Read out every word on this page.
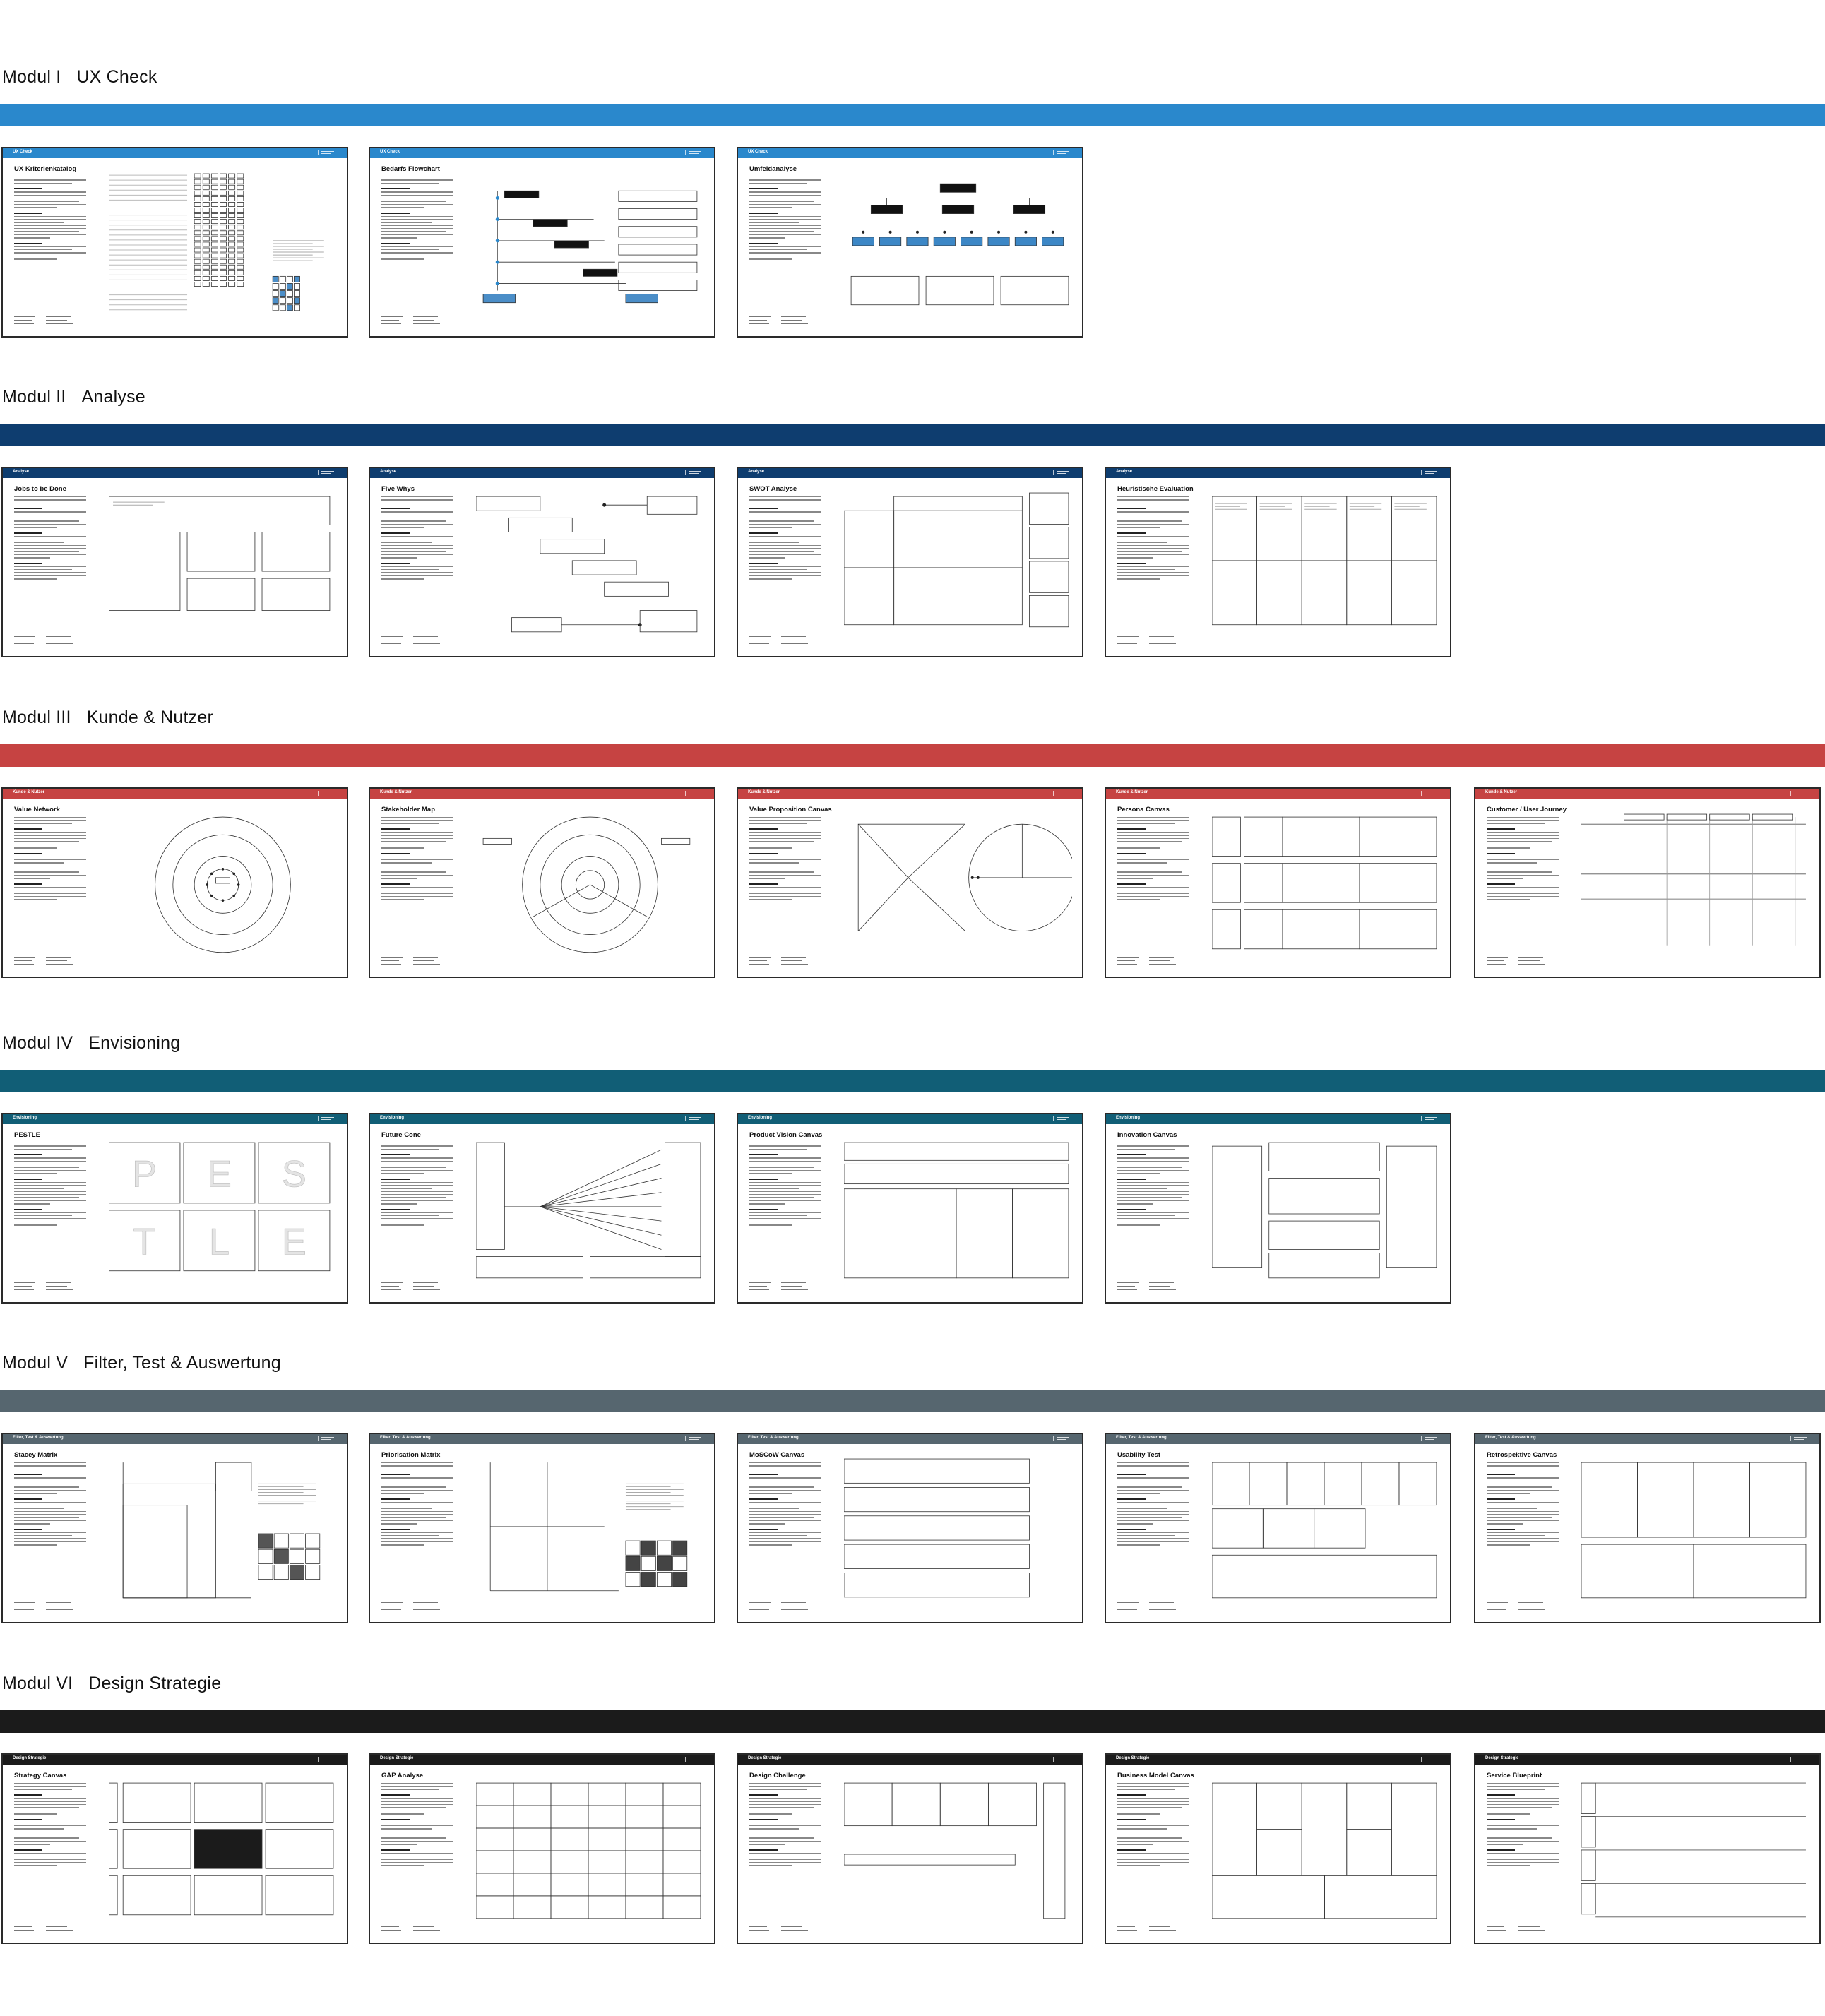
Modul I UX Check
UX Check
UX Kriterienkatalog
UX Check
Bedarfs Flowchart
UX Check
Umfeldanalyse
Modul II Analyse
Analyse
Jobs to be Done
Analyse
Five Whys
Analyse
SWOT Analyse
Analyse
Heuristische Evaluation
Modul III Kunde & Nutzer
Kunde & Nutzer
Value Network
Kunde & Nutzer
Stakeholder Map
Kunde & Nutzer
Value Proposition Canvas
Kunde & Nutzer
Persona Canvas
Kunde & Nutzer
Customer / User Journey
Modul IV Envisioning
Envisioning
PESTLE
P E S
T L E
Envisioning
Future Cone
Envisioning
Product Vision Canvas
Envisioning
Innovation Canvas
Modul V Filter, Test & Auswertung
Filter, Test & Auswertung
Stacey Matrix
Filter, Test & Auswertung
Priorisation Matrix
Filter, Test & Auswertung
MoSCoW Canvas
Filter, Test & Auswertung
Usability Test
Filter, Test & Auswertung
Retrospektive Canvas
Modul VI Design Strategie
Design Strategie
Strategy Canvas
Design Strategie
GAP Analyse
Design Strategie
Design Challenge
Design Strategie
Business Model Canvas
Design Strategie
Service Blueprint
